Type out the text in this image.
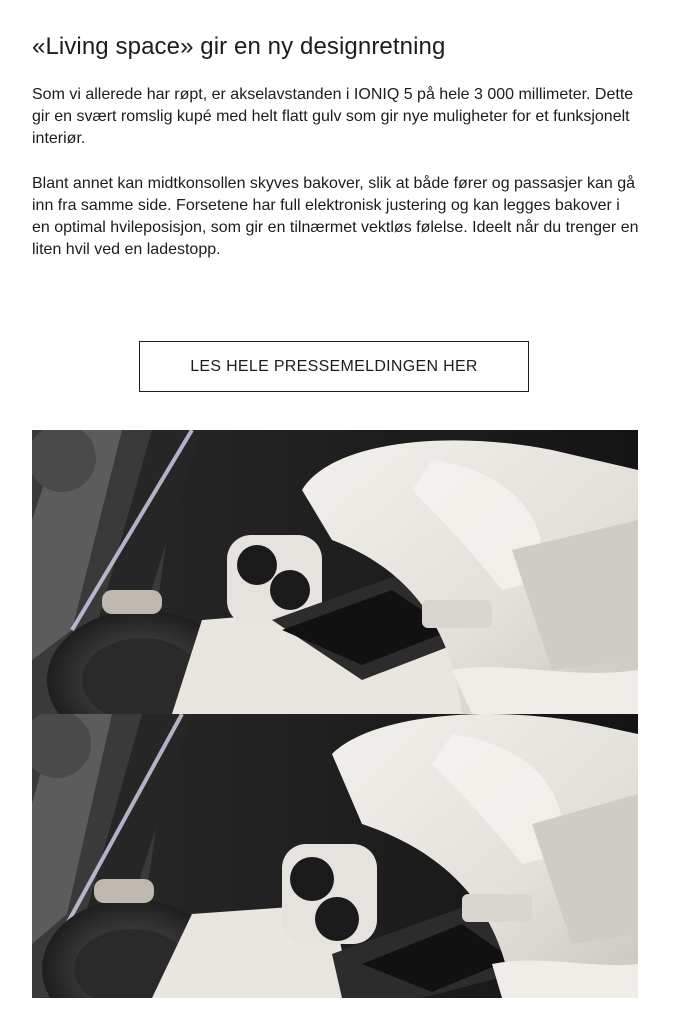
«Living space» gir en ny designretning

Som vi allerede har røpt, er akselavstanden i IONIQ 5 på hele 3 000 millimeter. Dette gir en svært romslig kupé med helt flatt gulv som gir nye muligheter for et funksjonelt interiør.

Blant annet kan midtkonsollen skyves bakover, slik at både fører og passasjer kan gå inn fra samme side. Forsetene har full elektronisk justering og kan legges bakover i en optimal hvileposisjon, som gir en tilnærmet vektløs følelse. Ideelt når du trenger en liten hvil ved en ladestopp.

LES HELE PRESSEMELDINGEN HER
